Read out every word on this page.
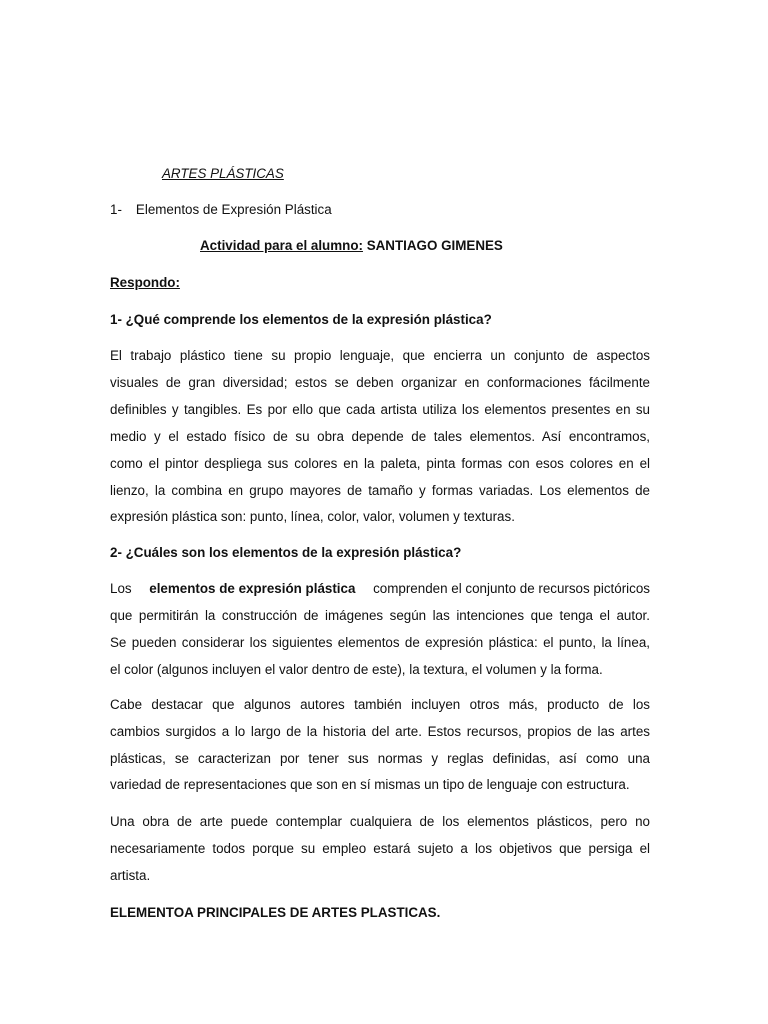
ARTES PLÁSTICAS
1- Elementos de Expresión Plástica
Actividad para el alumno: SANTIAGO GIMENES
Respondo:
1- ¿Qué comprende los elementos de la expresión plástica?
El trabajo plástico tiene su propio lenguaje, que encierra un conjunto de aspectos
visuales de gran diversidad; estos se deben organizar en conformaciones fácilmente
definibles y tangibles. Es por ello que cada artista utiliza los elementos presentes en su
medio y el estado físico de su obra depende de tales elementos. Así encontramos,
como el pintor despliega sus colores en la paleta, pinta formas con esos colores en el
lienzo, la combina en grupo mayores de tamaño y formas variadas. Los elementos de
expresión plástica son: punto, línea, color, valor, volumen y texturas.
2- ¿Cuáles son los elementos de la expresión plástica?
Los elementos de expresión plástica comprenden el conjunto de recursos pictóricos
que permitirán la construcción de imágenes según las intenciones que tenga el autor.
Se pueden considerar los siguientes elementos de expresión plástica: el punto, la línea,
el color (algunos incluyen el valor dentro de este), la textura, el volumen y la forma.
Cabe destacar que algunos autores también incluyen otros más, producto de los
cambios surgidos a lo largo de la historia del arte. Estos recursos, propios de las artes
plásticas, se caracterizan por tener sus normas y reglas definidas, así como una
variedad de representaciones que son en sí mismas un tipo de lenguaje con estructura.
Una obra de arte puede contemplar cualquiera de los elementos plásticos, pero no
necesariamente todos porque su empleo estará sujeto a los objetivos que persiga el
artista.
ELEMENTOA PRINCIPALES DE ARTES PLASTICAS.
